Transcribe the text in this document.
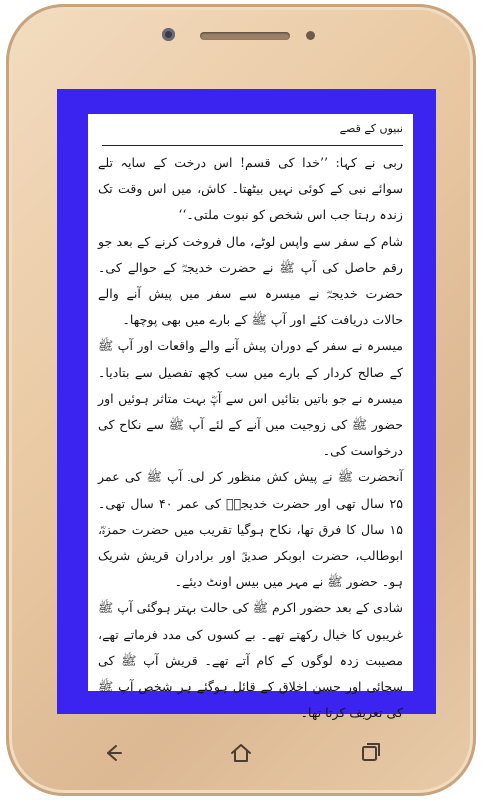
نبیوں کے قصے

ربی نے کہا: ’’خدا کی قسم! اس درخت کے سایہ تلے سوائے نبی کے کوئی نہیں بیٹھتا۔ کاش، میں اس وقت تک زندہ رہتا جب اس شخص کو نبوت ملتی۔‘‘

شام کے سفر سے واپس لوٹے، مال فروخت کرنے کے بعد جو رقم حاصل کی آپ ﷺ نے حضرت خدیجہؓ کے حوالے کی۔ حضرت خدیجہؓ نے میسرہ سے سفر میں پیش آنے والے حالات دریافت کئے اور آپ ﷺ کے بارے میں بھی پوچھا۔

میسرہ نے سفر کے دوران پیش آنے والے واقعات اور آپ ﷺ کے صالح کردار کے بارے میں سب کچھ تفصیل سے بتادیا۔ میسرہ نے جو باتیں بتائیں اس سے آپؓ بہت متاثر ہوئیں اور حضور ﷺ کی زوجیت میں آنے کے لئے آپ ﷺ سے نکاح کی درخواست کی۔

آنحضرت ﷺ نے پیش کش منظور کر لی۔ آپ ﷺ کی عمر ۲۵ سال تھی اور حضرت خدیجہؓ کی عمر ۴۰ سال تھی۔ ۱۵ سال کا فرق تھا، نکاح ہوگیا تقریب میں حضرت حمزہؓ، ابوطالب، حضرت ابوبکر صدیقؓ اور برادران قریش شریک ہو۔ حضور ﷺ نے مہر میں بیس اونٹ دیئے۔

شادی کے بعد حضور اکرم ﷺ کی حالت بہتر ہوگئی آپ ﷺ غریبوں کا خیال رکھتے تھے۔ بے کسوں کی مدد فرماتے تھے، مصیبت زدہ لوگوں کے کام آتے تھے۔ قریش آپ ﷺ کی سچائی اور حسن اخلاق کے قائل ہوگئے ہر شخص آپ ﷺ کی تعریف کرتا تھا۔
